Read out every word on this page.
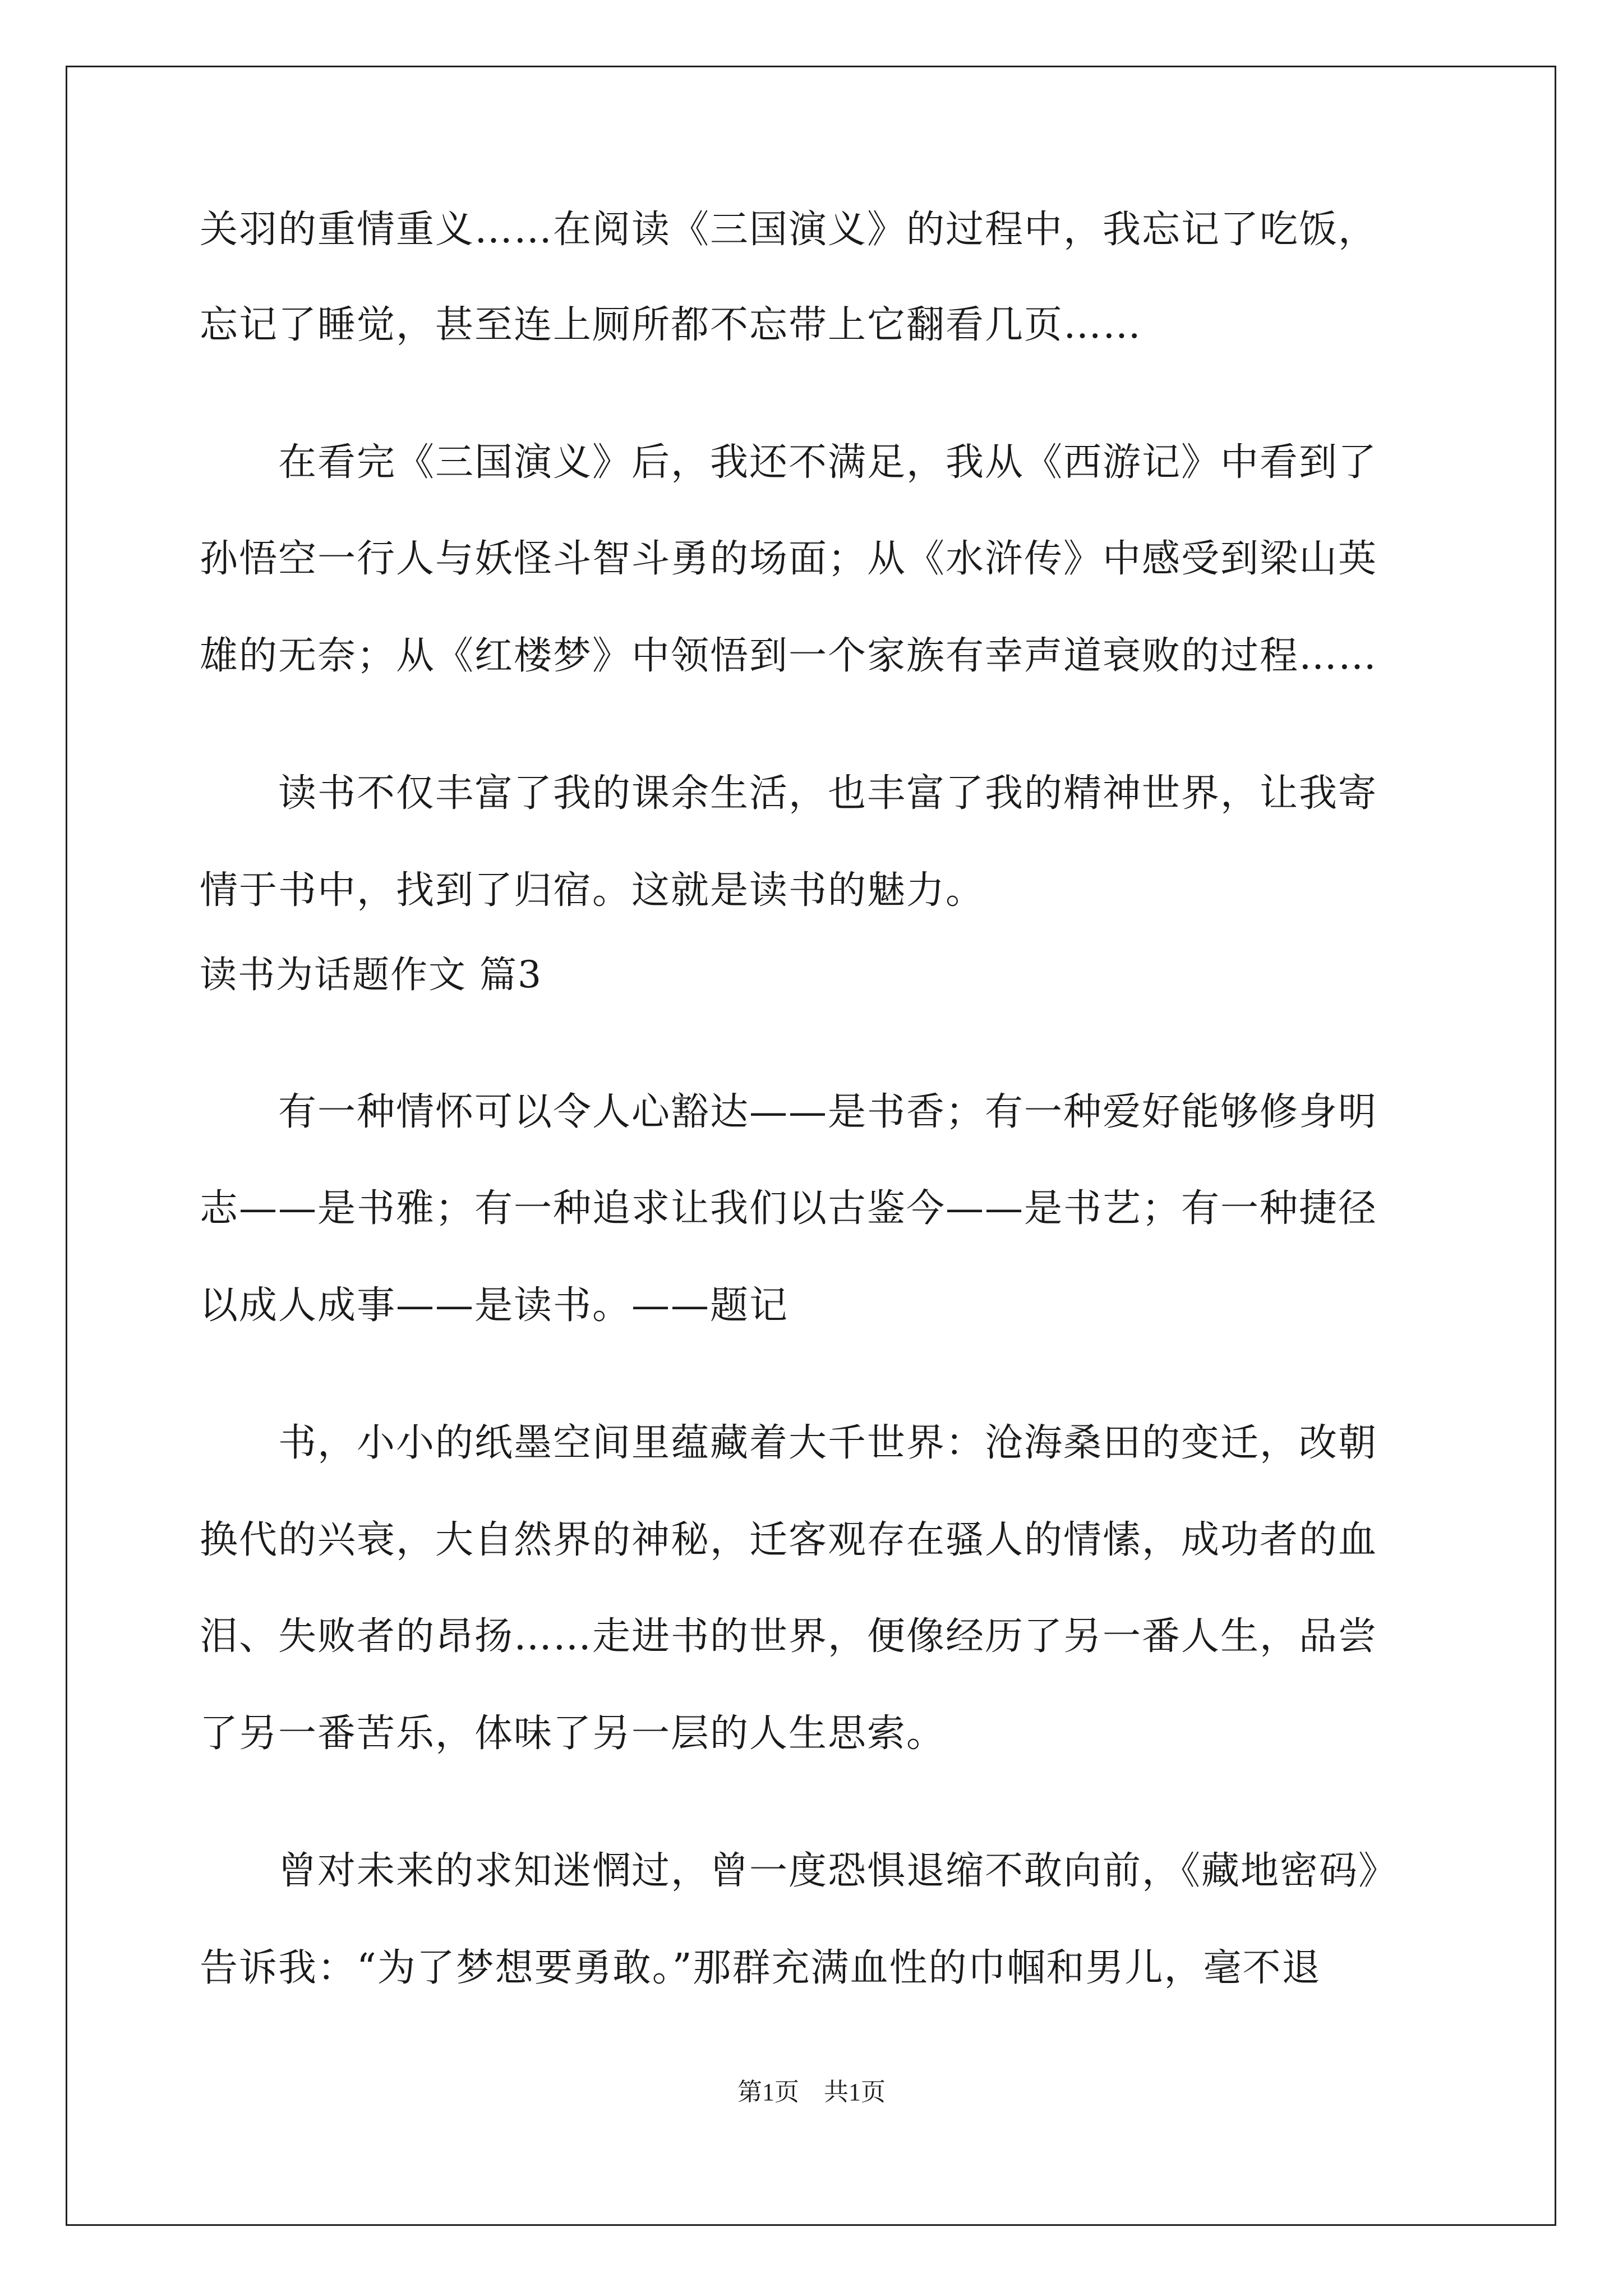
关羽的重情重义……在阅读《三国演义》的过程中，我忘记了吃饭，
忘记了睡觉，甚至连上厕所都不忘带上它翻看几页……
在看完《三国演义》后，我还不满足，我从《西游记》中看到了
孙悟空一行人与妖怪斗智斗勇的场面；从《水浒传》中感受到梁山英
雄的无奈；从《红楼梦》中领悟到一个家族有幸声道衰败的过程……
读书不仅丰富了我的课余生活，也丰富了我的精神世界，让我寄
情于书中，找到了归宿。这就是读书的魅力。
读书为话题作文 篇3
有一种情怀可以令人心豁达——是书香；有一种爱好能够修身明
志——是书雅；有一种追求让我们以古鉴今——是书艺；有一种捷径
以成人成事——是读书。——题记
书，小小的纸墨空间里蕴藏着大千世界：沧海桑田的变迁，改朝
换代的兴衰，大自然界的神秘，迁客观存在骚人的情愫，成功者的血
泪、失败者的昂扬……走进书的世界，便像经历了另一番人生，品尝
了另一番苦乐，体味了另一层的人生思索。
曾对未来的求知迷惘过，曾一度恐惧退缩不敢向前，《藏地密码》
告诉我：“为了梦想要勇敢。”那群充满血性的巾帼和男儿，毫不退
第1页　共1页
